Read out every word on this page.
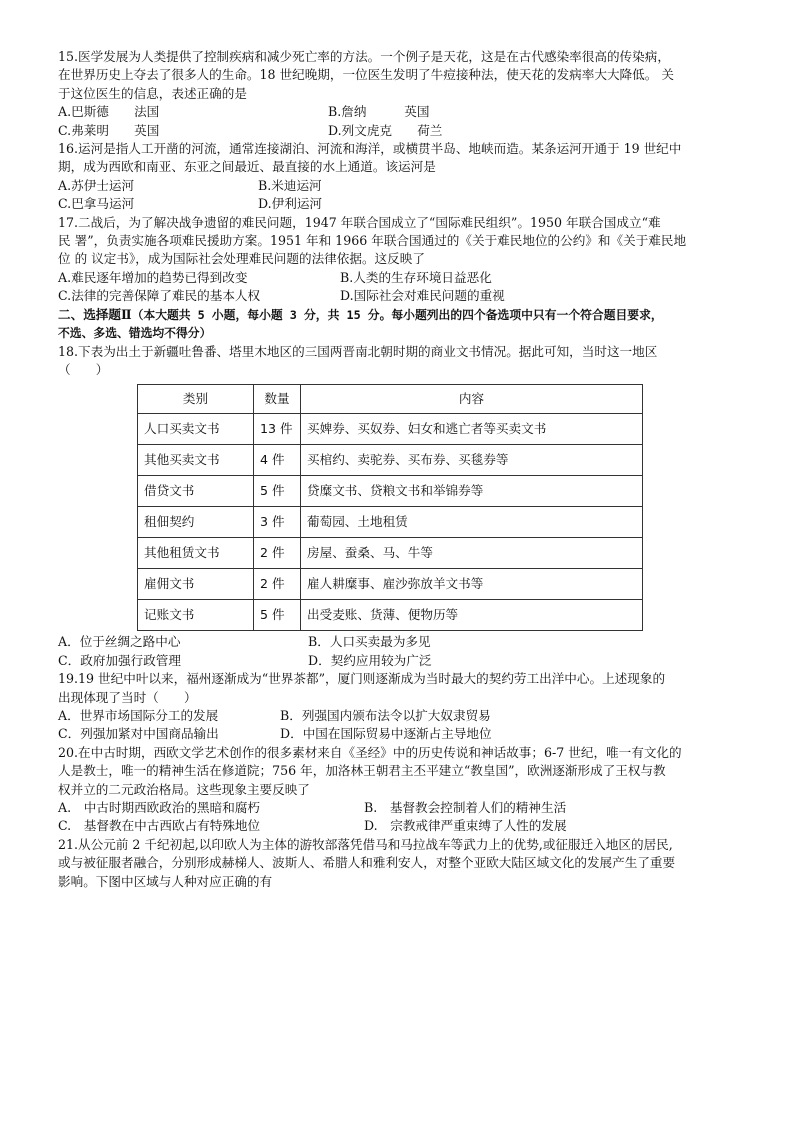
15.医学发展为人类提供了控制疾病和减少死亡率的方法。一个例子是天花，这是在古代感染率很高的传染病，

在世界历史上夺去了很多人的生命。18 世纪晚期，一位医生发明了牛痘接种法，使天花的发病率大大降低。 关

于这位医生的信息，表述正确的是

A.巴斯德　　法国	B.詹纳　　　英国
C.弗莱明　　英国	D.列文虎克　　荷兰

16.运河是指人工开凿的河流，通常连接湖泊、河流和海洋，或横贯半岛、地峡而造。某条运河开通于 19 世纪中

期，成为西欧和南亚、东亚之间最近、最直接的水上通道。该运河是

A.苏伊士运河	B.米迪运河
C.巴拿马运河	D.伊利运河

17.二战后，为了解决战争遗留的难民问题，1947 年联合国成立了“国际难民组织”。1950 年联合国成立“难

民 署”，负责实施各项难民援助方案。1951 年和 1966 年联合国通过的《关于难民地位的公约》和《关于难民地

位 的 议定书》，成为国际社会处理难民问题的法律依据。这反映了

A.难民逐年增加的趋势已得到改变	B.人类的生存环境日益恶化
C.法律的完善保障了难民的基本人权	D.国际社会对难民问题的重视

二、选择题Ⅱ（本大题共 5 小题，每小题 3 分，共 15 分。每小题列出的四个备选项中只有一个符合题目要求，

不选、多选、错选均不得分）

18.下表为出土于新疆吐鲁番、塔里木地区的三国两晋南北朝时期的商业文书情况。据此可知，当时这一地区

（　　）

类别	数量	内容
人口买卖文书	13 件	买婢券、买奴券、妇女和逃亡者等买卖文书
其他买卖文书	4 件	买棺约、卖驼券、买布券、买毯券等
借贷文书	5 件	贷糜文书、贷粮文书和举锦券等
租佃契约	3 件	葡萄园、土地租赁
其他租赁文书	2 件	房屋、蚕桑、马、牛等
雇佣文书	2 件	雇人耕糜事、雇沙弥放羊文书等
记账文书	5 件	出受麦账、货薄、便物历等
A．位于丝绸之路中心	B．人口买卖最为多见
C．政府加强行政管理	D．契约应用较为广泛

19.19 世纪中叶以来，福州逐渐成为“世界茶都”，厦门则逐渐成为当时最大的契约劳工出洋中心。上述现象的

出现体现了当时（　　）

A．世界市场国际分工的发展	B．列强国内颁布法令以扩大奴隶贸易
C．列强加紧对中国商品输出	D．中国在国际贸易中逐渐占主导地位

20.在中古时期，西欧文学艺术创作的很多素材来自《圣经》中的历史传说和神话故事；6-7 世纪，唯一有文化的

人是教士，唯一的精神生活在修道院；756 年，加洛林王朝君主丕平建立“教皇国”，欧洲逐渐形成了王权与教

权并立的二元政治格局。这些现象主要反映了

A.　中古时期西欧政治的黑暗和腐朽	B.　基督教会控制着人们的精神生活
C.　基督教在中古西欧占有特殊地位	D.　宗教戒律严重束缚了人性的发展

21.从公元前 2 千纪初起,以印欧人为主体的游牧部落凭借马和马拉战车等武力上的优势,或征服迁入地区的居民,

或与被征服者融合，分别形成赫梯人、波斯人、希腊人和雅利安人，对整个亚欧大陆区域文化的发展产生了重要

影响。下图中区域与人种对应正确的有
